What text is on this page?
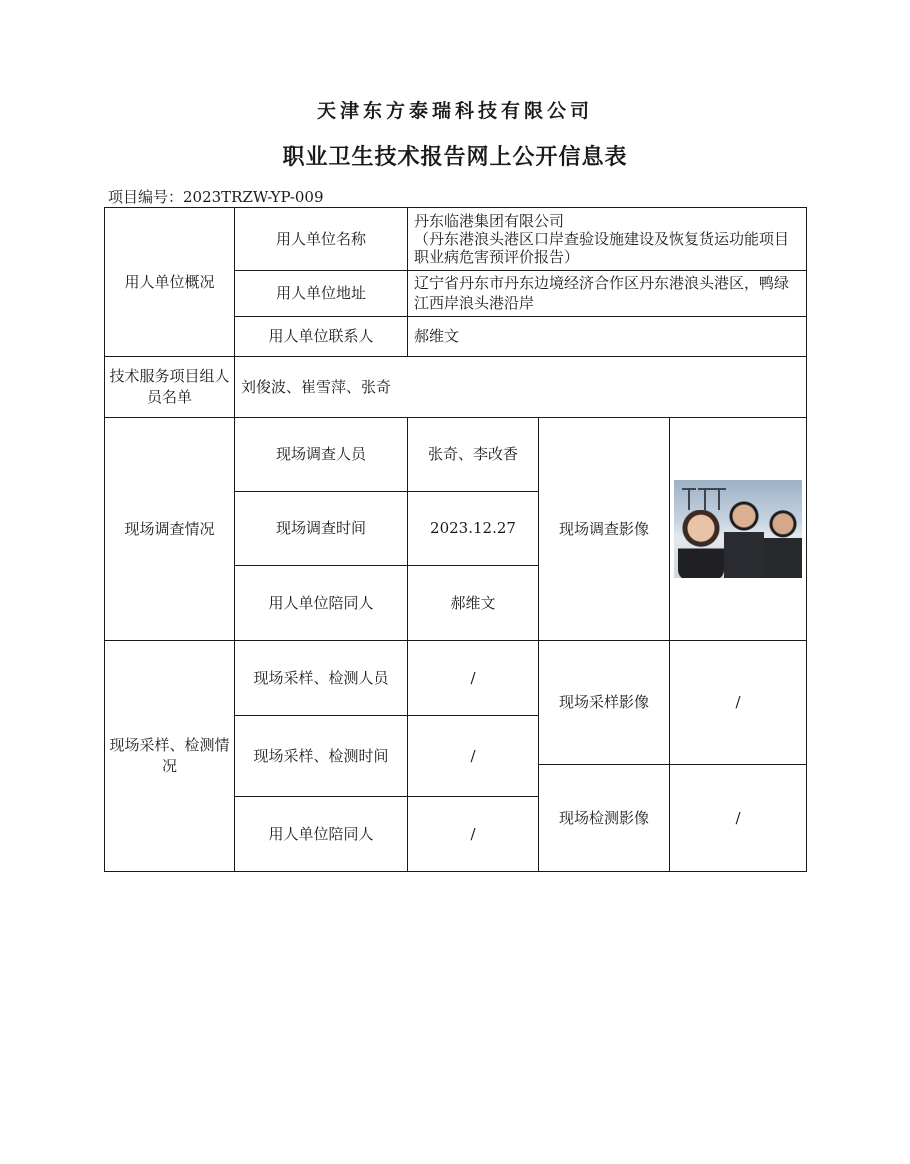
天津东方泰瑞科技有限公司
职业卫生技术报告网上公开信息表
项目编号：2023TRZW-YP-009
用人单位概况	用人单位名称	丹东临港集团有限公司
（丹东港浪头港区口岸查验设施建设及恢复货运功能项目职业病危害预评价报告）		

	用人单位地址	辽宁省丹东市丹东边境经济合作区丹东港浪头港区，鸭绿江西岸浪头港沿岸		
	用人单位联系人	郝维文		
技术服务项目组人员名单	刘俊波、崔雪萍、张奇			
现场调查情况	现场调查人员	张奇、李改香	现场调查影像	

	现场调查时间	2023.12.27		
	用人单位陪同人	郝维文		
现场采样、检测情况	现场采样、检测人员	/	现场采样影像	/
	现场采样、检测时间	/		
			现场检测影像	/
	用人单位陪同人	/		
